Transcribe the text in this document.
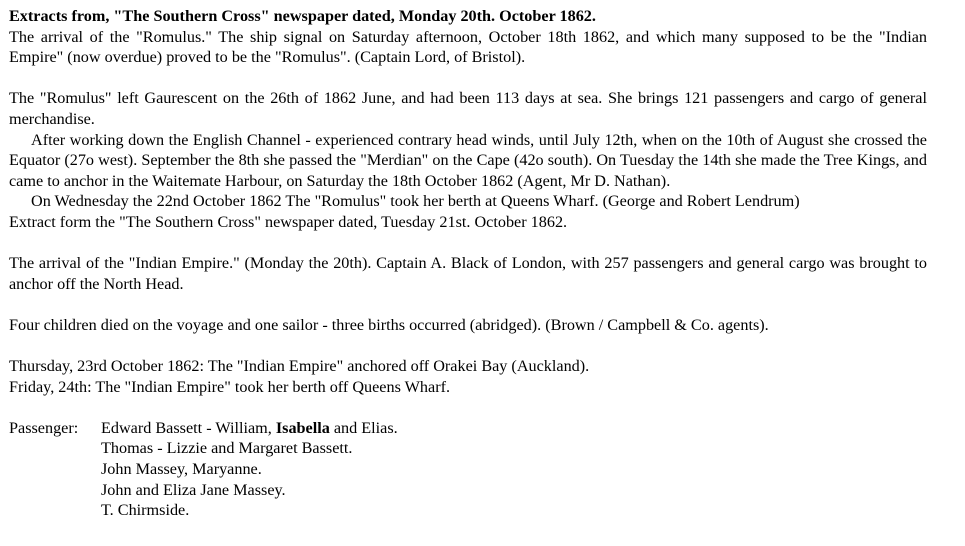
Extracts from, "The Southern Cross" newspaper dated, Monday 20th. October 1862.

The arrival of the "Romulus." The ship signal on Saturday afternoon, October 18th 1862, and which many supposed to be the "Indian Empire" (now overdue) proved to be the "Romulus". (Captain Lord, of Bristol).

The "Romulus" left Gaurescent on the 26th of 1862 June, and had been 113 days at sea. She brings 121 passengers and cargo of general merchandise.

After working down the English Channel - experienced contrary head winds, until July 12th, when on the 10th of August she crossed the Equator (27o west). September the 8th she passed the "Merdian" on the Cape (42o south). On Tuesday the 14th she made the Tree Kings, and came to anchor in the Waitemate Harbour, on Saturday the 18th October 1862 (Agent, Mr D. Nathan).

On Wednesday the 22nd October 1862 The "Romulus" took her berth at Queens Wharf. (George and Robert Lendrum)

Extract form the "The Southern Cross" newspaper dated, Tuesday 21st. October 1862.

The arrival of the "Indian Empire." (Monday the 20th). Captain A. Black of London, with 257 passengers and general cargo was brought to anchor off the North Head.

Four children died on the voyage and one sailor - three births occurred (abridged). (Brown / Campbell & Co. agents).

Thursday, 23rd October 1862: The "Indian Empire" anchored off Orakei Bay (Auckland).

Friday, 24th: The "Indian Empire" took her berth off Queens Wharf.

Passenger:	Edward Bassett - William, Isabella and Elias.
Thomas - Lizzie and Margaret Bassett.
John Massey, Maryanne.
John and Eliza Jane Massey.
T. Chirmside.
